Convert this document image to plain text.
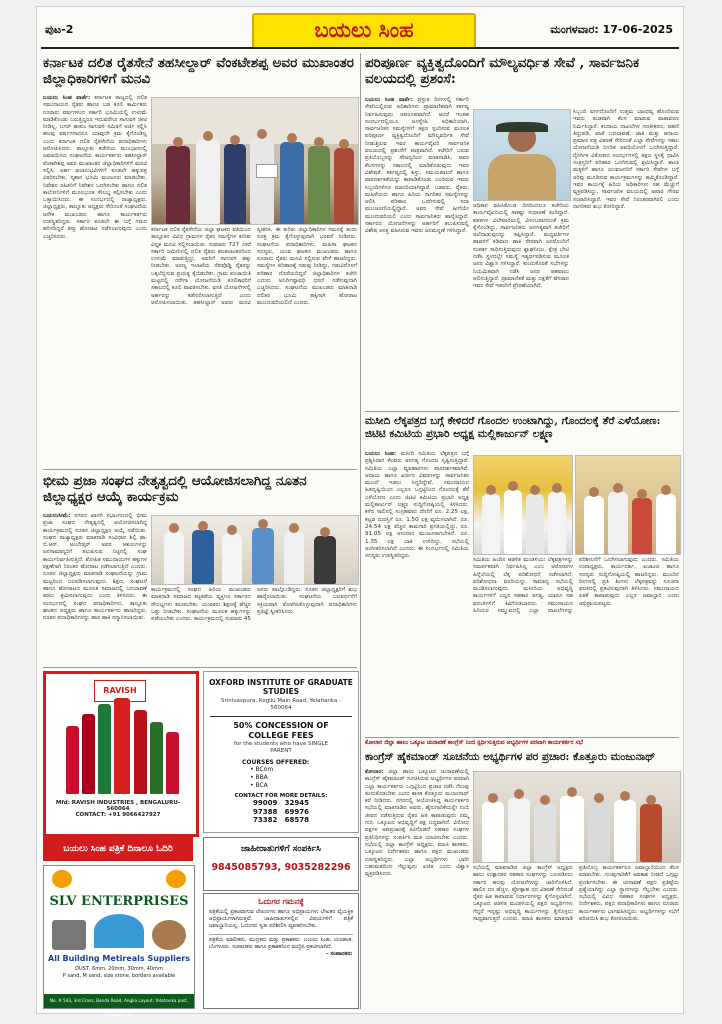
ಪುಟ-2	ಬಯಲು ಸಿಂಹ	ಮಂಗಳವಾರ: 17-06-2025
ಕರ್ನಾಟಕ ದಲಿತ ರೈತಸೇನೆ ತಹಸೀಲ್ದಾರ್ ವೆಂಕಟೇಶಪ್ಪ ಅವರ ಮುಖಾಂತರ ಜಿಲ್ಲಾಧಿಕಾರಿಗಳಿಗೆ ಮನವಿ

ಬಯಲು ಸಿಂಹ ವಾರ್ತೆ: ಕರ್ನಾಟಕ ರಾಜ್ಯದಲ್ಲಿ ದಲಿತ ಸಮುದಾಯದ ರೈತರು ಹಾಗೂ ಬಡ ಕೂಲಿ ಕಾರ್ಮಿಕರು ನೂರಾರು ವರ್ಷಗಳಿಂದ ಸರ್ಕಾರಿ ಭೂಮಿಯಲ್ಲಿ ಉಳುಮೆ ಮಾಡಿಕೊಂಡು ಬರುತ್ತಿದ್ದರೂ ಇದುವರೆಗೂ ಸಾಗುವಳಿ ಚೀಟಿ ನೀಡಿಲ್ಲ. ಬಗರ್ ಹುಕುಂ ಸಾಗುವಳಿ ಸಮಿತಿಗೆ ಅರ್ಜಿ ಸಲ್ಲಿಸಿ ಹಲವು ವರ್ಷಗಳಾದರೂ ಯಾವುದೇ ಕ್ರಮ ಕೈಗೊಂಡಿಲ್ಲ ಎಂದು ಕರ್ನಾಟಕ ದಲಿತ ರೈತಸೇನೆಯ ಪದಾಧಿಕಾರಿಗಳು ಆರೋಪಿಸಿದರು. ತಾಲ್ಲೂಕು ಕಚೇರಿಯ ಮುಂಭಾಗದಲ್ಲಿ ಜಮಾಯಿಸಿದ ಸಂಘಟನೆಯ ಕಾರ್ಯಕರ್ತರು ತಹಸೀಲ್ದಾರ್ ವೆಂಕಟೇಶಪ್ಪ ಅವರ ಮುಖಾಂತರ ಜಿಲ್ಲಾಧಿಕಾರಿಗಳಿಗೆ ಮನವಿ ಸಲ್ಲಿಸಿ, ಅರ್ಹ ಫಲಾನುಭವಿಗಳಿಗೆ ಕೂಡಲೇ ಹಕ್ಕುಪತ್ರ ವಿತರಿಸಬೇಕು, ಸ್ಮಶಾನ ಭೂಮಿ ಮಂಜೂರು ಮಾಡಬೇಕು, ನಿವೇಶನ ರಹಿತರಿಗೆ ನಿವೇಶನ ಒದಗಿಸಬೇಕು ಹಾಗೂ ದಲಿತ ಕಾಲೋನಿಗಳಿಗೆ ಮೂಲಭೂತ ಸೌಲಭ್ಯ ಕಲ್ಪಿಸಬೇಕು ಎಂದು ಒತ್ತಾಯಿಸಿದರು. ಈ ಸಂದರ್ಭದಲ್ಲಿ ರಾಜ್ಯಾಧ್ಯಕ್ಷರು, ಜಿಲ್ಲಾಧ್ಯಕ್ಷರು, ತಾಲ್ಲೂಕು ಅಧ್ಯಕ್ಷರು ಸೇರಿದಂತೆ ಸಂಘಟನೆಯ ಅನೇಕ ಮುಖಂಡರು ಹಾಗೂ ಕಾರ್ಯಕರ್ತರು ಉಪಸ್ಥಿತರಿದ್ದರು. ಸರ್ಕಾರ ಕೂಡಲೇ ಈ ಬಗ್ಗೆ ಗಮನ ಹರಿಸದಿದ್ದರೆ ತೀವ್ರ ಹೋರಾಟ ನಡೆಸಲಾಗುವುದು ಎಂದು ಎಚ್ಚರಿಸಿದರು.

ಕರ್ನಾಟಕ ದಲಿತ ರೈತಸೇನೆಯ ಜಿಲ್ಲಾ ಘಟಕದ ವತಿಯಿಂದ ತಾಲ್ಲೂಕಿನ ವಿವಿಧ ಗ್ರಾಮಗಳ ರೈತರ ಸಮಸ್ಯೆಗಳ ಕುರಿತು ವಿಸ್ತೃತ ಮನವಿ ಸಲ್ಲಿಸಲಾಯಿತು. ಸುಮಾರು 727 ಎಕರೆ ಸರ್ಕಾರಿ ಜಮೀನಿನಲ್ಲಿ ದಲಿತ ರೈತರು ತಲತಲಾಂತರದಿಂದ ಉಳುಮೆ ಮಾಡುತ್ತಿದ್ದು, ಅವರಿಗೆ ಸಾಗುವಳಿ ಹಕ್ಕು ನೀಡಬೇಕು. ಅರಣ್ಯ ಇಲಾಖೆಯ ನೆಪವೊಡ್ಡಿ ರೈತರನ್ನು ಒಕ್ಕಲೆಬ್ಬಿಸುವ ಪ್ರಯತ್ನ ಕೈಬಿಡಬೇಕು. ಗ್ರಾಮ ಪಂಚಾಯಿತಿ ಮಟ್ಟದಲ್ಲಿ ನರೇಗಾ ಯೋಜನೆಯಡಿ ಕೂಲಿಕಾರರಿಗೆ ಸಕಾಲದಲ್ಲಿ ಕೂಲಿ ಪಾವತಿಸಬೇಕು. ವಸತಿ ಯೋಜನೆಗಳಲ್ಲಿ ಅರ್ಹರನ್ನು ಕಡೆಗಣಿಸಲಾಗುತ್ತಿದೆ ಎಂದು ಆರೋಪಿಸಲಾಯಿತು. ತಹಸೀಲ್ದಾರ್ ಅವರು ಮನವಿ ಸ್ವೀಕರಿಸಿ, ಈ ಕುರಿತು ಜಿಲ್ಲಾಧಿಕಾರಿಗಳ ಗಮನಕ್ಕೆ ತಂದು ಸೂಕ್ತ ಕ್ರಮ ಕೈಗೊಳ್ಳುವುದಾಗಿ ಭರವಸೆ ನೀಡಿದರು. ಸಂಘಟನೆಯ ಪದಾಧಿಕಾರಿಗಳು, ಮಹಿಳಾ ಘಟಕದ ಸದಸ್ಯರು, ಯುವ ಘಟಕದ ಮುಖಂಡರು ಹಾಗೂ ನೂರಾರು ರೈತರು ಮನವಿ ಸಲ್ಲಿಸುವ ವೇಳೆ ಹಾಜರಿದ್ದರು. ಸಮಸ್ಯೆಗಳ ಪರಿಹಾರಕ್ಕೆ ಗಡುವು ನೀಡಿದ್ದು, ಗಡುವಿನೊಳಗೆ ಪರಿಹಾರ ದೊರೆಯದಿದ್ದರೆ ಜಿಲ್ಲಾಧಿಕಾರಿಗಳ ಕಚೇರಿ ಎದುರು ಅನಿರ್ದಿಷ್ಟಾವಧಿ ಧರಣಿ ನಡೆಸುವುದಾಗಿ ಎಚ್ಚರಿಸಿದರು. ಸಂಘಟನೆಯ ಮುಖಂಡರು ಮಾತನಾಡಿ ದಲಿತರ ಭೂಮಿ ಹಕ್ಕಿಗಾಗಿ ಹೋರಾಟ ಮುಂದುವರಿಯಲಿದೆ ಎಂದರು.

ಭೀಮ ಪ್ರಜಾ ಸಂಘದ ನೇತೃತ್ವದಲ್ಲಿ ಆಯೋಜಿಸಲಾಗಿದ್ದ ನೂತನ ಜಿಲ್ಲಾಧ್ಯಕ್ಷರ ಆಯ್ಕೆ ಕಾರ್ಯಕ್ರಮ

ಬಯಲುಸೀಮೆ: ನಗರದ ಖಾಸಗಿ ಸಭಾಂಗಣದಲ್ಲಿ ಭೀಮ ಪ್ರಜಾ ಸಂಘದ ನೇತೃತ್ವದಲ್ಲಿ ಆಯೋಜಿಸಲಾಗಿದ್ದ ಕಾರ್ಯಕ್ರಮದಲ್ಲಿ ನೂತನ ಜಿಲ್ಲಾಧ್ಯಕ್ಷರ ಆಯ್ಕೆ ನಡೆಯಿತು. ಸಂಘದ ರಾಜ್ಯಾಧ್ಯಕ್ಷರು ಮಾತನಾಡಿ ಸಂವಿಧಾನ ಶಿಲ್ಪಿ ಡಾ. ಬಿ.ಆರ್. ಅಂಬೇಡ್ಕರ್ ಅವರ ಆಶಯಗಳನ್ನು ಜನಸಾಮಾನ್ಯರಿಗೆ ತಲುಪಿಸುವ ನಿಟ್ಟಿನಲ್ಲಿ ಸಂಘ ಕಾರ್ಯನಿರ್ವಹಿಸುತ್ತಿದೆ. ಶೋಷಿತ ಸಮುದಾಯಗಳ ಹಕ್ಕುಗಳ ರಕ್ಷಣೆಗಾಗಿ ನಿರಂತರ ಹೋರಾಟ ನಡೆಸಲಾಗುತ್ತಿದೆ ಎಂದರು. ನೂತನ ಜಿಲ್ಲಾಧ್ಯಕ್ಷರು ಮಾತನಾಡಿ ಸಂಘಟನೆಯನ್ನು ಗ್ರಾಮ ಮಟ್ಟದಿಂದ ಬಲಪಡಿಸಲಾಗುವುದು. ಶಿಕ್ಷಣ, ಸಂಘಟನೆ ಹಾಗೂ ಹೋರಾಟದ ಮೂಲಕ ಸಮಾಜದಲ್ಲಿ ಬದಲಾವಣೆ ತರಲು ಶ್ರಮಿಸಲಾಗುವುದು ಎಂದು ತಿಳಿಸಿದರು. ಈ ಸಂದರ್ಭದಲ್ಲಿ ಸಂಘದ ಪದಾಧಿಕಾರಿಗಳು, ತಾಲ್ಲೂಕು ಘಟಕದ ಅಧ್ಯಕ್ಷರು ಹಾಗೂ ಕಾರ್ಯಕರ್ತರು ಹಾಜರಿದ್ದರು. ನೂತನ ಪದಾಧಿಕಾರಿಗಳನ್ನು ಹಾರ ಹಾಕಿ ಸನ್ಮಾನಿಸಲಾಯಿತು.

ಕಾರ್ಯಕ್ರಮದಲ್ಲಿ ಸಂಘದ ಹಿರಿಯ ಮುಖಂಡರು ಮಾತನಾಡಿ ಸಮಾಜದ ಕಟ್ಟಕಡೆಯ ವ್ಯಕ್ತಿಗೂ ಸರ್ಕಾರದ ಸೌಲಭ್ಯಗಳು ತಲುಪಬೇಕು. ಯುವಕರು ಶಿಕ್ಷಣಕ್ಕೆ ಹೆಚ್ಚಿನ ಒತ್ತು ನೀಡಬೇಕು. ಸಂಘಟನೆಯ ಮೂಲಕ ಹಕ್ಕುಗಳನ್ನು ಪಡೆಯಬೇಕು ಎಂದರು. ಕಾರ್ಯಕ್ರಮದಲ್ಲಿ ಸುಮಾರು 45 ಜನರು ಪಾಲ್ಗೊಂಡಿದ್ದರು. ನೂತನ ಜಿಲ್ಲಾಧ್ಯಕ್ಷರಿಗೆ ಶುಭ ಹಾರೈಸಲಾಯಿತು. ಸಂಘಟನೆಯ ಬಲವರ್ಧನೆಗೆ ಸಕ್ರಿಯವಾಗಿ ತೊಡಗಿಸಿಕೊಳ್ಳುವುದಾಗಿ ಪದಾಧಿಕಾರಿಗಳು ಪ್ರತಿಜ್ಞೆ ಸ್ವೀಕರಿಸಿದರು.

RAVISH
Mfd: RAVISH INDUSTRIES , BENGALURU-560064
CONTACT: +91 9066427927
OXFORD INSTITUTE OF GRADUATE STUDIES
Srinivaspura, Kogilu Main Road, Yelahanka - 560064
50% CONCESSION OF COLLEGE FEES
for the students who have SINGLE PARENT
COURSES OFFERED:
• BCom
• BBA
• BCA
CONTACT FOR MORE DETAILS:
99009 32945
97388 69976
73382 68578
ಬಯಲು ಸಿಂಹ ಪತ್ರಿಕೆ ದಿನಾಲೂ ಓದಿರಿ
SLV ENTERPRISES
All Building Metireals Suppliers
DUST, 6mm, 20mm, 30mm, 40mm
P sand, M sand, size stone, borders available
No. # 543, 3rd Cross, Banda Road, Anglia Layout, Yelahanka post, Bangalore-64
ಜಾಹೀರಾತುಗಳಿಗೆ ಸಂಪರ್ಕಿಸಿ
9845085793, 9035282296
ಓದುಗರ ಗಮನಕ್ಕೆ
ಪತ್ರಿಕೆಯಲ್ಲಿ ಪ್ರಕಟವಾಗುವ ಲೇಖನಗಳು ಹಾಗೂ ಅಭಿಪ್ರಾಯಗಳು ಲೇಖಕರ ವೈಯಕ್ತಿಕ ಅಭಿಪ್ರಾಯಗಳಾಗಿರುತ್ತವೆ. ಜಾಹೀರಾತುಗಳಲ್ಲಿನ ವಿಷಯಗಳಿಗೆ ಪತ್ರಿಕೆ ಜವಾಬ್ದಾರಿಯಲ್ಲ. ಓದುಗರು ಸ್ವತಃ ಪರಿಶೀಲಿಸಿ ವ್ಯವಹರಿಸಬೇಕು.
ಪತ್ರಿಕೆಯ ಮಾಲೀಕರು, ಮುದ್ರಕರು ಮತ್ತು ಪ್ರಕಾಶಕರು: ಬಯಲು ಸಿಂಹ, ಯಲಹಂಕ, ಬೆಂಗಳೂರು. ಸಂಪಾದಕರು ಹಾಗೂ ಪ್ರಕಾಶಕರಿಂದ ಮುದ್ರಿಸಿ ಪ್ರಕಟಿಸಲಾಗಿದೆ.
- ಸಂಪಾದಕರು
ಪರಿಪೂರ್ಣ ವ್ಯಕ್ತಿತ್ವದೊಂದಿಗೆ ಮೌಲ್ಯವರ್ಧಿತ ಸೇವೆ , ಸಾರ್ವಜನಿಕ ವಲಯದಲ್ಲಿ ಪ್ರಶಂಸೆ:

ಬಯಲು ಸಿಂಹ ವಾರ್ತೆ: ಪ್ರಸ್ತುತ ದಿನಗಳಲ್ಲಿ ಸರ್ಕಾರಿ ಸೇವೆಯಲ್ಲಿರುವ ಅಧಿಕಾರಿಗಳು ಪ್ರಾಮಾಣಿಕವಾಗಿ ಕರ್ತವ್ಯ ನಿರ್ವಹಿಸುವುದು ಅಪರೂಪವಾಗಿದೆ. ಆದರೆ ಇಂತಹ ಸಂದರ್ಭದಲ್ಲಿಯೂ ಜನಸ್ನೇಹಿ ಅಧಿಕಾರಿಯಾಗಿ, ಸಾರ್ವಜನಿಕರ ಸಮಸ್ಯೆಗಳಿಗೆ ತಕ್ಷಣ ಸ್ಪಂದಿಸುವ ಮೂಲಕ ಪರಿಪೂರ್ಣ ವ್ಯಕ್ತಿತ್ವದೊಂದಿಗೆ ಮೌಲ್ಯವರ್ಧಿತ ಸೇವೆ ನೀಡುತ್ತಿರುವ ಇವರ ಕಾರ್ಯವೈಖರಿ ಸಾರ್ವಜನಿಕ ವಲಯದಲ್ಲಿ ಪ್ರಶಂಸೆಗೆ ಪಾತ್ರವಾಗಿದೆ. ಕಚೇರಿಗೆ ಬರುವ ಪ್ರತಿಯೊಬ್ಬರನ್ನು ಸೌಜನ್ಯದಿಂದ ಮಾತನಾಡಿಸಿ, ಅವರ ಕೆಲಸಗಳನ್ನು ಸಕಾಲದಲ್ಲಿ ಮಾಡಿಕೊಡುವುದು ಇವರ ವಿಶೇಷತೆ. ಕರ್ತವ್ಯದಲ್ಲಿ ಶಿಸ್ತು, ಸಮಯಪಾಲನೆ ಹಾಗೂ ಪಾರದರ್ಶಕತೆಯನ್ನು ಕಾಪಾಡಿಕೊಂಡು ಬಂದಿರುವ ಇವರು ಸಿಬ್ಬಂದಿಗಳಿಗೂ ಮಾದರಿಯಾಗಿದ್ದಾರೆ. ಬಡವರು, ರೈತರು, ಮಹಿಳೆಯರು ಹಾಗೂ ಹಿರಿಯ ನಾಗರಿಕರ ಸಮಸ್ಯೆಗಳನ್ನು ಆಲಿಸಿ ಪರಿಹಾರ ಒದಗಿಸುವಲ್ಲಿ ಸದಾ ಮುಂಚೂಣಿಯಲ್ಲಿದ್ದಾರೆ. ಅವರ ಸೇವೆ ಹೀಗೆಯೇ ಮುಂದುವರಿಯಲಿ ಎಂದು ಸಾರ್ವಜನಿಕರು ಹಾರೈಸಿದ್ದಾರೆ. ಸರ್ಕಾರದ ಯೋಜನೆಗಳನ್ನು ಅರ್ಹರಿಗೆ ತಲುಪಿಸುವಲ್ಲಿ ವಿಶೇಷ ಆಸಕ್ತಿ ವಹಿಸಿರುವ ಇವರು ಜನಮನ್ನಣೆ ಗಳಿಸಿದ್ದಾರೆ.

ಅಧಿಕಾರ ವಹಿಸಿಕೊಂಡ ದಿನದಿಂದಲೂ ಕಚೇರಿಯ ಕಾರ್ಯವೈಖರಿಯಲ್ಲಿ ಸಾಕಷ್ಟು ಸುಧಾರಣೆ ತಂದಿದ್ದಾರೆ. ಕಡತಗಳ ವಿಲೇವಾರಿಯಲ್ಲಿ ವಿಳಂಬವಾಗದಂತೆ ಕ್ರಮ ಕೈಗೊಂಡಿದ್ದು, ಸಾರ್ವಜನಿಕರು ಅನಗತ್ಯವಾಗಿ ಕಚೇರಿಗೆ ಅಲೆದಾಡುವುದನ್ನು ತಪ್ಪಿಸಿದ್ದಾರೆ. ಮಧ್ಯವರ್ತಿಗಳ ಹಾವಳಿಗೆ ಕಡಿವಾಣ ಹಾಕಿ ನೇರವಾಗಿ ಜನರೊಂದಿಗೆ ಸಂಪರ್ಕ ಸಾಧಿಸುತ್ತಿರುವುದು ಶ್ಲಾಘನೀಯ. ಕ್ಷೇತ್ರ ಭೇಟಿ ನಡೆಸಿ ಸ್ಥಳದಲ್ಲೇ ಸಮಸ್ಯೆ ಇತ್ಯರ್ಥಪಡಿಸುವ ಮೂಲಕ ಜನರ ವಿಶ್ವಾಸ ಗಳಿಸಿದ್ದಾರೆ. ಕುಂದುಕೊರತೆ ಸಭೆಗಳನ್ನು ನಿಯಮಿತವಾಗಿ ನಡೆಸಿ ಜನರ ಅಹವಾಲು ಆಲಿಸುತ್ತಿದ್ದಾರೆ. ಪ್ರಾಮಾಣಿಕತೆ ಮತ್ತು ದಕ್ಷತೆಗೆ ಹೆಸರಾದ ಇವರ ಸೇವೆ ಇತರರಿಗೆ ಪ್ರೇರಣೆಯಾಗಿದೆ.

ಸಿಬ್ಬಂದಿ ವರ್ಗದೊಂದಿಗೆ ಉತ್ತಮ ಬಾಂಧವ್ಯ ಹೊಂದಿರುವ ಇವರು ತಂಡವಾಗಿ ಕೆಲಸ ಮಾಡುವ ವಾತಾವರಣ ನಿರ್ಮಿಸಿದ್ದಾರೆ. ಕಂದಾಯ ದಾಖಲೆಗಳ ಗಣಕೀಕರಣ, ಪಹಣಿ ತಿದ್ದುಪಡಿ, ಖಾತೆ ಬದಲಾವಣೆ, ಜಾತಿ ಮತ್ತು ಆದಾಯ ಪ್ರಮಾಣ ಪತ್ರ ವಿತರಣೆ ಸೇರಿದಂತೆ ಎಲ್ಲಾ ಸೇವೆಗಳನ್ನು ಸಕಾಲ ಯೋಜನೆಯಡಿ ನಿಗದಿತ ಅವಧಿಯೊಳಗೆ ಒದಗಿಸುತ್ತಿದ್ದಾರೆ. ನೈಸರ್ಗಿಕ ವಿಕೋಪದ ಸಂದರ್ಭಗಳಲ್ಲಿ ತಕ್ಷಣ ಸ್ಥಳಕ್ಕೆ ಧಾವಿಸಿ ಸಂತ್ರಸ್ತರಿಗೆ ಪರಿಹಾರ ಒದಗಿಸುವಲ್ಲಿ ಶ್ರಮಿಸಿದ್ದಾರೆ. ಶಾಲಾ ಮಕ್ಕಳಿಗೆ ಹಾಗೂ ಯುವಜನರಿಗೆ ಸರ್ಕಾರಿ ಸೇವೆಗಳ ಬಗ್ಗೆ ಅರಿವು ಮೂಡಿಸುವ ಕಾರ್ಯಕ್ರಮಗಳನ್ನು ಹಮ್ಮಿಕೊಂಡಿದ್ದಾರೆ. ಇವರ ಕಾರ್ಯಕ್ಕೆ ಹಿರಿಯ ಅಧಿಕಾರಿಗಳು ಸಹ ಮೆಚ್ಚುಗೆ ವ್ಯಕ್ತಪಡಿಸಿದ್ದು, ಸಾರ್ವಜನಿಕ ವಲಯದಲ್ಲಿ ಅಪಾರ ಗೌರವ ಸಂಪಾದಿಸಿದ್ದಾರೆ. ಇವರ ಸೇವೆ ನಿರಂತರವಾಗಿರಲಿ ಎಂದು ನಾಗರಿಕರು ಶುಭ ಕೋರಿದ್ದಾರೆ.

ಮಸೀದಿ ಲೆಕ್ಕಪತ್ರದ ಬಗ್ಗೆ ಕೇಳಿದರೆ ಗೊಂದಲ ಉಂಟಾಗಿದ್ದು, ಗೊಂದಲಕ್ಕೆ ತೆರೆ ಎಳೆಯೋಣ: ಜಿಟಿಟಿ ಕಮಿಟಿಯ ಪ್ರಭಾರಿ ಅಧ್ಯಕ್ಷ ಮಲ್ಲಿಕಾರ್ಜುನ್ ಲಕ್ಷ್ಮಣ

ಬಯಲು ಸಿಂಹ: ಮಸೀದಿ ಸಮಿತಿಯ ಲೆಕ್ಕಪತ್ರದ ಬಗ್ಗೆ ಪ್ರಶ್ನಿಸಿದಾಗ ಕೆಲವರು ಅನಗತ್ಯ ಗೊಂದಲ ಸೃಷ್ಟಿಸುತ್ತಿದ್ದಾರೆ. ಸಮಿತಿಯ ಎಲ್ಲಾ ವ್ಯವಹಾರಗಳು ಪಾರದರ್ಶಕವಾಗಿವೆ. ಆದಾಯ ಹಾಗೂ ಖರ್ಚಿನ ವಿವರಗಳನ್ನು ಸಾರ್ವಜನಿಕರ ಮುಂದೆ ಇಡಲು ಸಿದ್ಧರಿದ್ದೇವೆ. ಸಮುದಾಯದ ಹಿತದೃಷ್ಟಿಯಿಂದ ಎಲ್ಲರೂ ಒಗ್ಗಟ್ಟಿನಿಂದ ಗೊಂದಲಕ್ಕೆ ತೆರೆ ಎಳೆಯೋಣ ಎಂದು ಜಿಟಿಟಿ ಕಮಿಟಿಯ ಪ್ರಭಾರಿ ಅಧ್ಯಕ್ಷ ಮಲ್ಲಿಕಾರ್ಜುನ್ ಲಕ್ಷ್ಮಣ ಸುದ್ದಿಗೋಷ್ಠಿಯಲ್ಲಿ ತಿಳಿಸಿದರು. ಕಳೆದ ಸಾಲಿನಲ್ಲಿ ಸಂಗ್ರಹವಾದ ದೇಣಿಗೆ ರೂ. 2.25 ಲಕ್ಷ, ಕಟ್ಟಡ ದುರಸ್ತಿಗೆ ರೂ. 1.50 ಲಕ್ಷ ವ್ಯಯಿಸಲಾಗಿದೆ. ರೂ. 24.54 ಲಕ್ಷ ವೆಚ್ಚದ ಕಾಮಗಾರಿ ಪ್ರಗತಿಯಲ್ಲಿದ್ದು, ರೂ. 91.05 ಲಕ್ಷ ಅನುದಾನ ಮಂಜೂರಾಗಬೇಕಿದೆ. ರೂ. 1.35 ಲಕ್ಷ ಬಾಕಿ ಉಳಿದಿದ್ದು, ಸಭೆಯಲ್ಲಿ ಅಂಗೀಕರಿಸಲಾಗಿದೆ ಎಂದರು. ಈ ಸಂದರ್ಭದಲ್ಲಿ ಸಮಿತಿಯ ಸದಸ್ಯರು ಉಪಸ್ಥಿತರಿದ್ದರು.

ಸಮಿತಿಯ ಹಿಂದಿನ ಆಡಳಿತ ಮಂಡಳಿಯು ಲೆಕ್ಕಪತ್ರಗಳನ್ನು ಸಮರ್ಪಕವಾಗಿ ನಿರ್ವಹಿಸಿಲ್ಲ ಎಂಬ ಆರೋಪಗಳ ಹಿನ್ನೆಲೆಯಲ್ಲಿ ಲೆಕ್ಕ ಪರಿಶೋಧನೆ ನಡೆಸಲಾಗಿದೆ. ಪರಿಶೋಧನಾ ವರದಿಯನ್ನು ಸಾಮಾನ್ಯ ಸಭೆಯಲ್ಲಿ ಮಂಡಿಸಲಾಗುವುದು. ಮಸೀದಿಯ ಅಭಿವೃದ್ಧಿ ಕಾರ್ಯಗಳಿಗೆ ಎಲ್ಲರ ಸಹಕಾರ ಅಗತ್ಯ. ಯಾರೂ ಸಹ ವದಂತಿಗಳಿಗೆ ಕಿವಿಗೊಡಬಾರದು. ಸಮುದಾಯದ ಹಿರಿಯರ ಸಮ್ಮುಖದಲ್ಲಿ ಎಲ್ಲಾ ದಾಖಲೆಗಳನ್ನು ಪರಿಶೀಲನೆಗೆ ಒದಗಿಸಲಾಗುವುದು ಎಂದರು. ಸಮಿತಿಯ ಉಪಾಧ್ಯಕ್ಷರು, ಕಾರ್ಯದರ್ಶಿ, ಖಜಾಂಚಿ ಹಾಗೂ ಸದಸ್ಯರು ಸುದ್ದಿಗೋಷ್ಠಿಯಲ್ಲಿ ಹಾಜರಿದ್ದರು. ಮುಂದಿನ ದಿನಗಳಲ್ಲಿ ಪ್ರತಿ ತಿಂಗಳು ಲೆಕ್ಕಪತ್ರವನ್ನು ಸೂಚನಾ ಫಲಕದಲ್ಲಿ ಪ್ರಕಟಿಸುವುದಾಗಿ ತಿಳಿಸಿದರು. ಸಮುದಾಯದ ಏಕತೆ ಕಾಪಾಡುವುದು ಎಲ್ಲರ ಜವಾಬ್ದಾರಿ ಎಂದು ಅಭಿಪ್ರಾಯಪಟ್ಟರು.

ಕೋಲಾರ ಜಿಲ್ಲಾ ಹಾಲು ಒಕ್ಕೂಟ ಚುನಾವಣೆ ಕಾಂಗ್ರೆಸ್ ನಿಂದ ಸ್ಪರ್ಧಿಸುತ್ತಿರುವ ಅಭ್ಯರ್ಥಿಗಳ ಪರವಾಗಿ ಕಾರ್ಯಕರ್ತರ ಸಭೆ
ಕಾಂಗ್ರೆಸ್ ಹೈಕಮಾಂಡ್ ಸೂಚನೆಯ ಅಭ್ಯರ್ಥಿಗಳ ಪರ ಪ್ರಚಾರ: ಕೊತ್ತೂರು ಮಂಜುನಾಥ್

ಕೋಲಾರ: ಜಿಲ್ಲಾ ಹಾಲು ಒಕ್ಕೂಟದ ಚುನಾವಣೆಯಲ್ಲಿ ಕಾಂಗ್ರೆಸ್ ಹೈಕಮಾಂಡ್ ಸೂಚಿಸಿರುವ ಅಭ್ಯರ್ಥಿಗಳ ಪರವಾಗಿ ಎಲ್ಲಾ ಕಾರ್ಯಕರ್ತರು ಒಗ್ಗಟ್ಟಿನಿಂದ ಪ್ರಚಾರ ನಡೆಸಿ ಗೆಲುವು ತಂದುಕೊಡಬೇಕು ಎಂದು ಶಾಸಕ ಕೊತ್ತೂರು ಮಂಜುನಾಥ್ ಕರೆ ನೀಡಿದರು. ನಗರದಲ್ಲಿ ಆಯೋಜಿಸಿದ್ದ ಕಾರ್ಯಕರ್ತರ ಸಭೆಯಲ್ಲಿ ಮಾತನಾಡಿದ ಅವರು, ಹೈನುಗಾರಿಕೆಯನ್ನೇ ನಂಬಿ ಜೀವನ ನಡೆಸುತ್ತಿರುವ ರೈತರ ಹಿತ ಕಾಪಾಡುವುದು ನಮ್ಮ ಗುರಿ. ಒಕ್ಕೂಟದ ಅಭಿವೃದ್ಧಿಗೆ ಪಕ್ಷ ಬದ್ಧವಾಗಿದೆ. ವಿರೋಧ ಪಕ್ಷಗಳ ಅಪಪ್ರಚಾರಕ್ಕೆ ಕಿವಿಗೊಡದೆ ಸಹಕಾರ ಸಂಘಗಳ ಪ್ರತಿನಿಧಿಗಳನ್ನು ಸಂಪರ್ಕಿಸಿ ಮತ ಯಾಚಿಸಬೇಕು ಎಂದರು. ಸಭೆಯಲ್ಲಿ ಜಿಲ್ಲಾ ಕಾಂಗ್ರೆಸ್ ಅಧ್ಯಕ್ಷರು, ಮಾಜಿ ಶಾಸಕರು, ಒಕ್ಕೂಟದ ನಿರ್ದೇಶಕರು ಹಾಗೂ ಪಕ್ಷದ ಮುಖಂಡರು ಉಪಸ್ಥಿತರಿದ್ದರು. ಎಲ್ಲಾ ಅಭ್ಯರ್ಥಿಗಳು ಭಾರೀ ಬಹುಮತದಿಂದ ಗೆಲ್ಲುವುದು ಖಚಿತ ಎಂದು ವಿಶ್ವಾಸ ವ್ಯಕ್ತಪಡಿಸಿದರು.

ಸಭೆಯಲ್ಲಿ ಮಾತನಾಡಿದ ಜಿಲ್ಲಾ ಕಾಂಗ್ರೆಸ್ ಅಧ್ಯಕ್ಷರು ಹಾಲು ಉತ್ಪಾದಕರ ಸಹಕಾರ ಸಂಘಗಳನ್ನು ಬಲಪಡಿಸಲು ಸರ್ಕಾರ ಹಲವು ಯೋಜನೆಗಳನ್ನು ಜಾರಿಗೊಳಿಸಿದೆ. ಹಾಲಿನ ದರ ಹೆಚ್ಚಳ, ಪ್ರೋತ್ಸಾಹ ಧನ ವಿತರಣೆ ಸೇರಿದಂತೆ ರೈತರ ಹಿತ ಕಾಪಾಡುವ ನಿರ್ಧಾರಗಳನ್ನು ಕೈಗೊಳ್ಳಲಾಗಿದೆ. ಒಕ್ಕೂಟದ ಆಡಳಿತ ಮಂಡಳಿಯಲ್ಲಿ ಪಕ್ಷದ ಅಭ್ಯರ್ಥಿಗಳು ಗೆದ್ದರೆ ಇನ್ನಷ್ಟು ಅಭಿವೃದ್ಧಿ ಕಾರ್ಯಗಳನ್ನು ಕೈಗೊಳ್ಳಲು ಸಾಧ್ಯವಾಗುತ್ತದೆ ಎಂದರು. ಮಾಜಿ ಶಾಸಕರು ಮಾತನಾಡಿ ಪ್ರತಿಯೊಬ್ಬ ಕಾರ್ಯಕರ್ತರೂ ಜವಾಬ್ದಾರಿಯಿಂದ ಕೆಲಸ ಮಾಡಬೇಕು. ಗುಂಪುಗಾರಿಕೆಗೆ ಅವಕಾಶ ನೀಡದೆ ಒಗ್ಗಟ್ಟು ಪ್ರದರ್ಶಿಸಬೇಕು. ಈ ಚುನಾವಣೆ ಪಕ್ಷದ ಪ್ರತಿಷ್ಠೆಯ ಪ್ರಶ್ನೆಯಾಗಿದ್ದು ಎಲ್ಲಾ ಸ್ಥಾನಗಳನ್ನು ಗೆಲ್ಲಬೇಕು ಎಂದರು. ಸಭೆಯಲ್ಲಿ ವಿವಿಧ ಸಹಕಾರ ಸಂಘಗಳ ಅಧ್ಯಕ್ಷರು, ನಿರ್ದೇಶಕರು, ಪಕ್ಷದ ಪದಾಧಿಕಾರಿಗಳು ಹಾಗೂ ನೂರಾರು ಕಾರ್ಯಕರ್ತರು ಭಾಗವಹಿಸಿದ್ದರು. ಅಭ್ಯರ್ಥಿಗಳನ್ನು ಸಭೆಗೆ ಪರಿಚಯಿಸಿ ಶುಭ ಕೋರಲಾಯಿತು.
